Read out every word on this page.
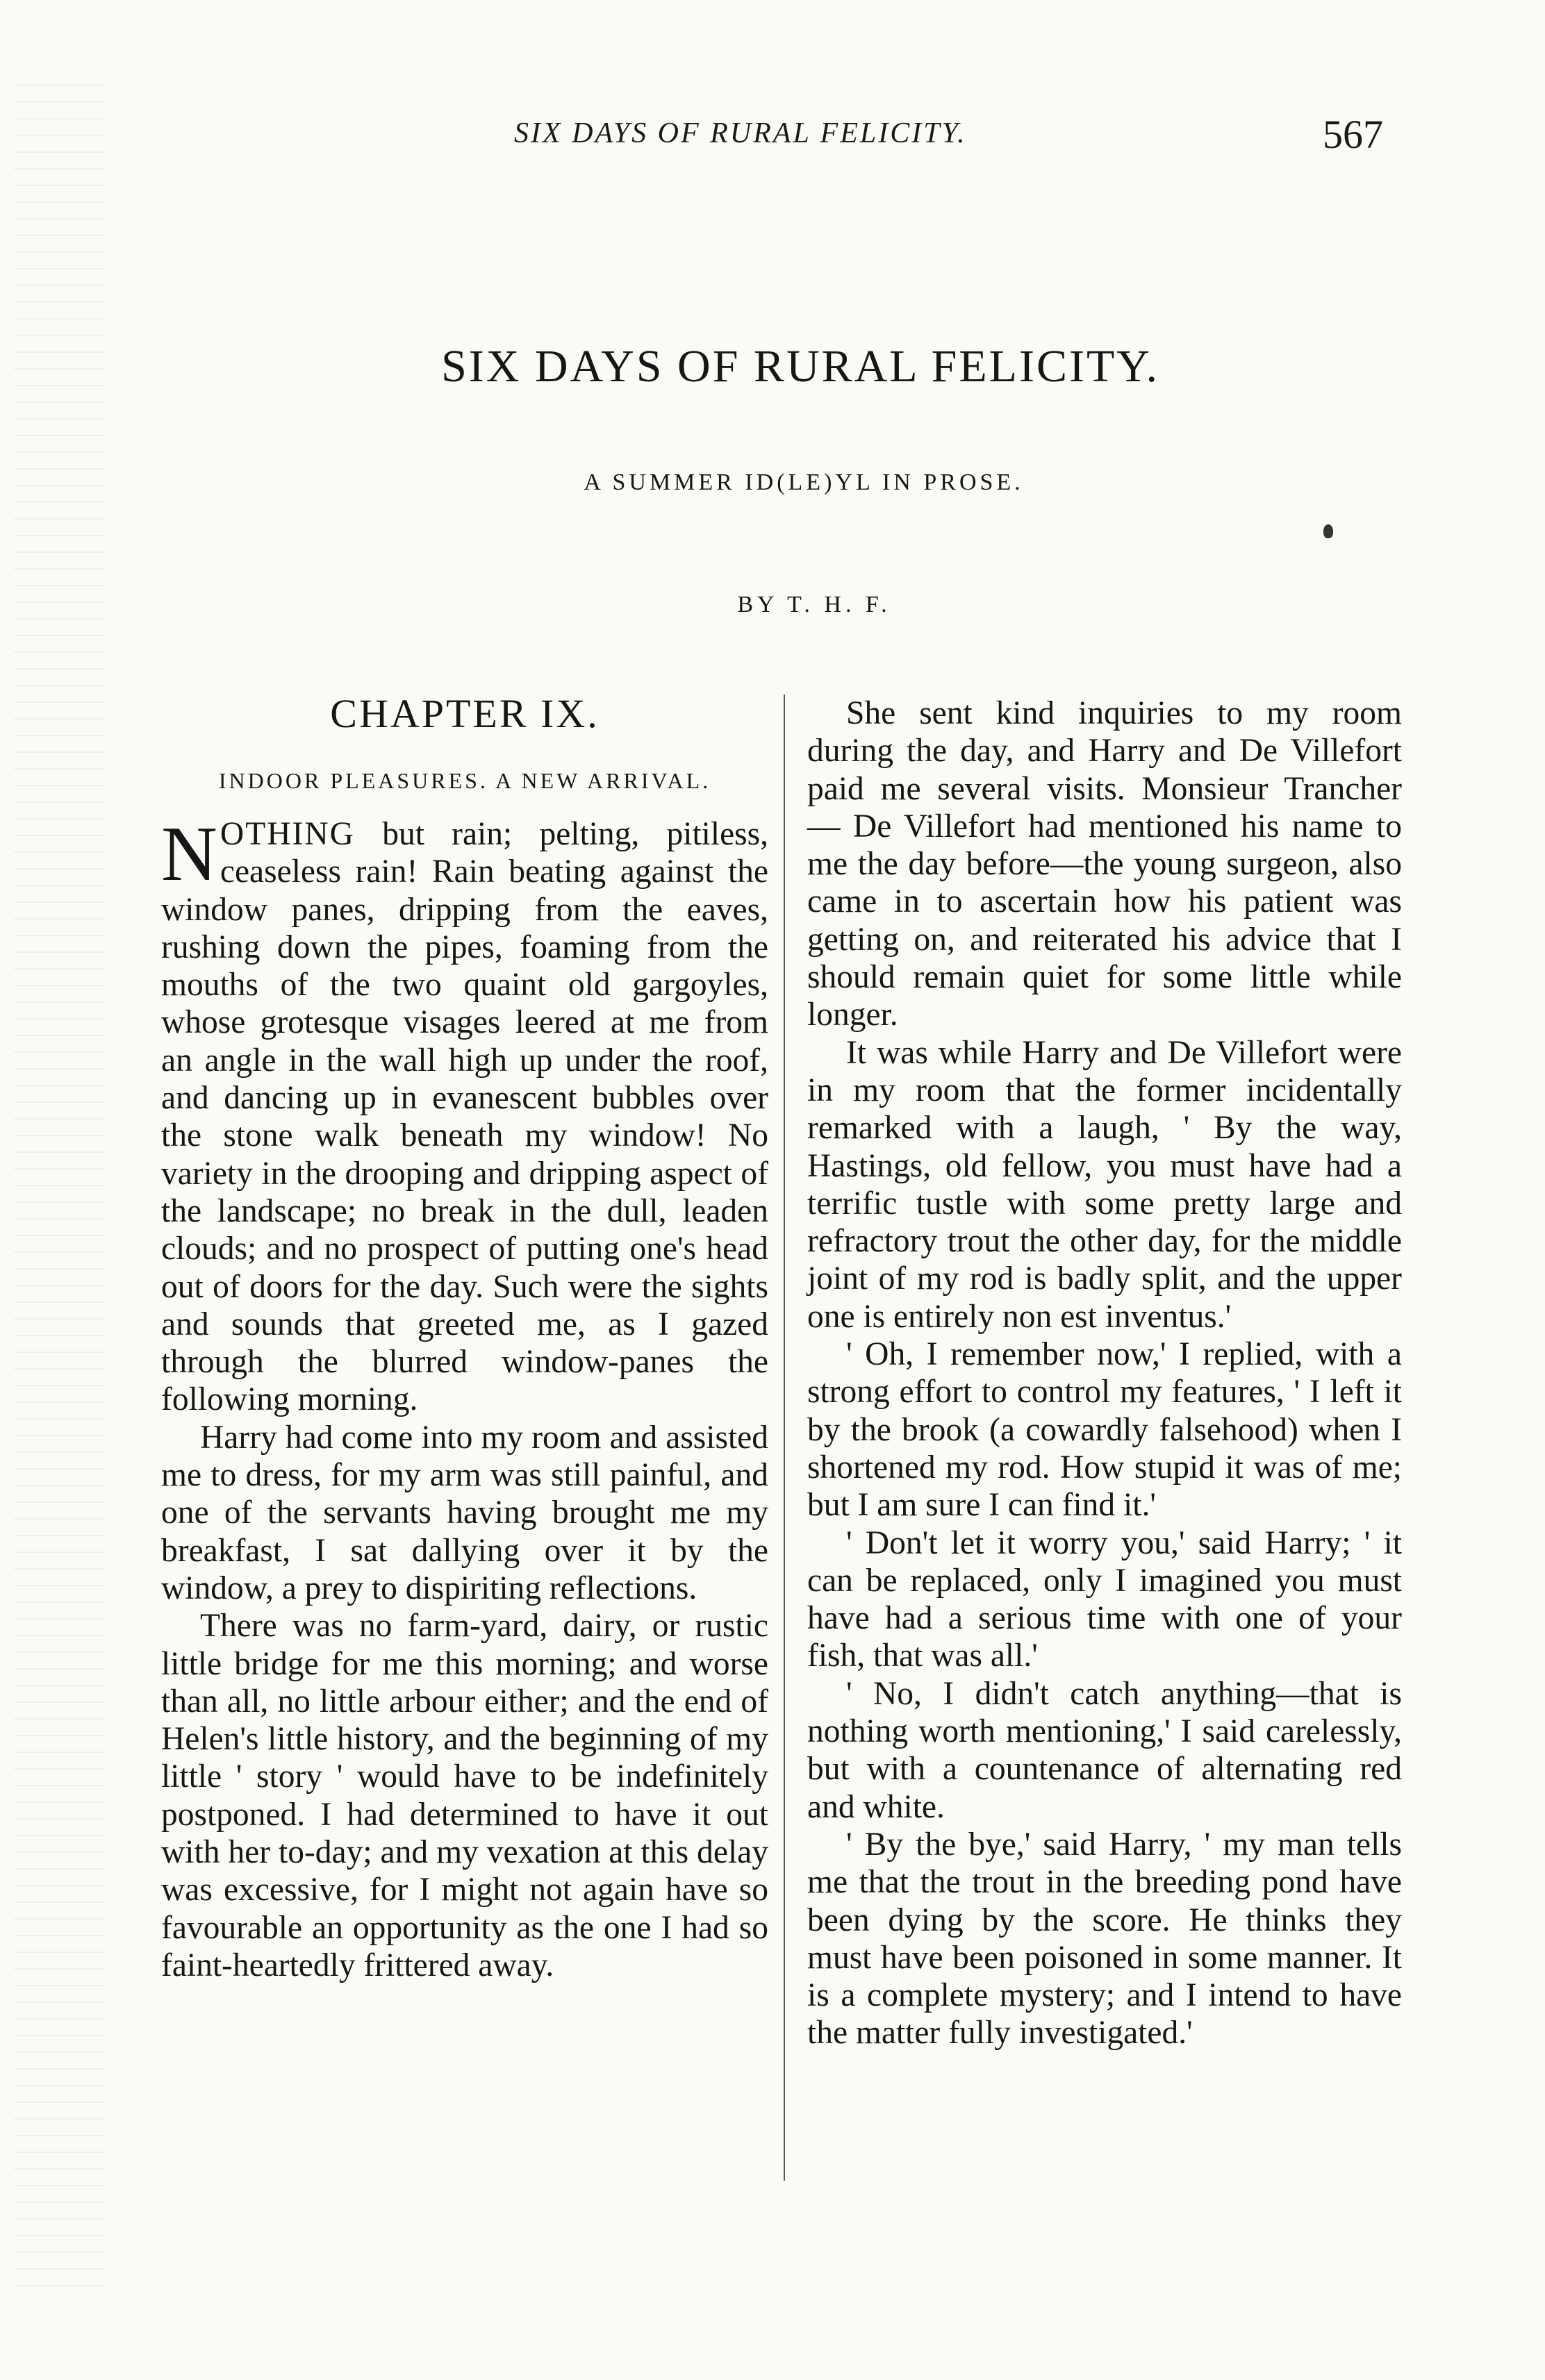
SIX DAYS OF RURAL FELICITY.	567
SIX DAYS OF RURAL FELICITY.
A SUMMER ID(LE)YL IN PROSE.
BY T. H. F.
CHAPTER IX.
INDOOR PLEASURES. A NEW ARRIVAL.

NOTHING but rain; pelting, pitiless, ceaseless rain! Rain beating against the window panes, dripping from the eaves, rushing down the pipes, foaming from the mouths of the two quaint old gargoyles, whose grotesque visages leered at me from an angle in the wall high up under the roof, and dancing up in evanescent bubbles over the stone walk beneath my window! No variety in the drooping and dripping aspect of the landscape; no break in the dull, leaden clouds; and no prospect of putting one's head out of doors for the day. Such were the sights and sounds that greeted me, as I gazed through the blurred window-panes the following morning.

Harry had come into my room and assisted me to dress, for my arm was still painful, and one of the servants having brought me my breakfast, I sat dallying over it by the window, a prey to dispiriting reflections.

There was no farm-yard, dairy, or rustic little bridge for me this morning; and worse than all, no little arbour either; and the end of Helen's little history, and the beginning of my little ' story ' would have to be indefinitely postponed. I had determined to have it out with her to-day; and my vexation at this delay was excessive, for I might not again have so favourable an opportunity as the one I had so faint-heartedly frittered away.

She sent kind inquiries to my room during the day, and Harry and De Villefort paid me several visits. Monsieur Trancher — De Villefort had mentioned his name to me the day before—the young surgeon, also came in to ascertain how his patient was getting on, and reiterated his advice that I should remain quiet for some little while longer.

It was while Harry and De Villefort were in my room that the former incidentally remarked with a laugh, ' By the way, Hastings, old fellow, you must have had a terrific tustle with some pretty large and refractory trout the other day, for the middle joint of my rod is badly split, and the upper one is entirely non est inventus.'

' Oh, I remember now,' I replied, with a strong effort to control my features, ' I left it by the brook (a cowardly falsehood) when I shortened my rod. How stupid it was of me; but I am sure I can find it.'

' Don't let it worry you,' said Harry; ' it can be replaced, only I imagined you must have had a serious time with one of your fish, that was all.'

' No, I didn't catch anything—that is nothing worth mentioning,' I said carelessly, but with a countenance of alternating red and white.

' By the bye,' said Harry, ' my man tells me that the trout in the breeding pond have been dying by the score. He thinks they must have been poisoned in some manner. It is a complete mystery; and I intend to have the matter fully investigated.'
